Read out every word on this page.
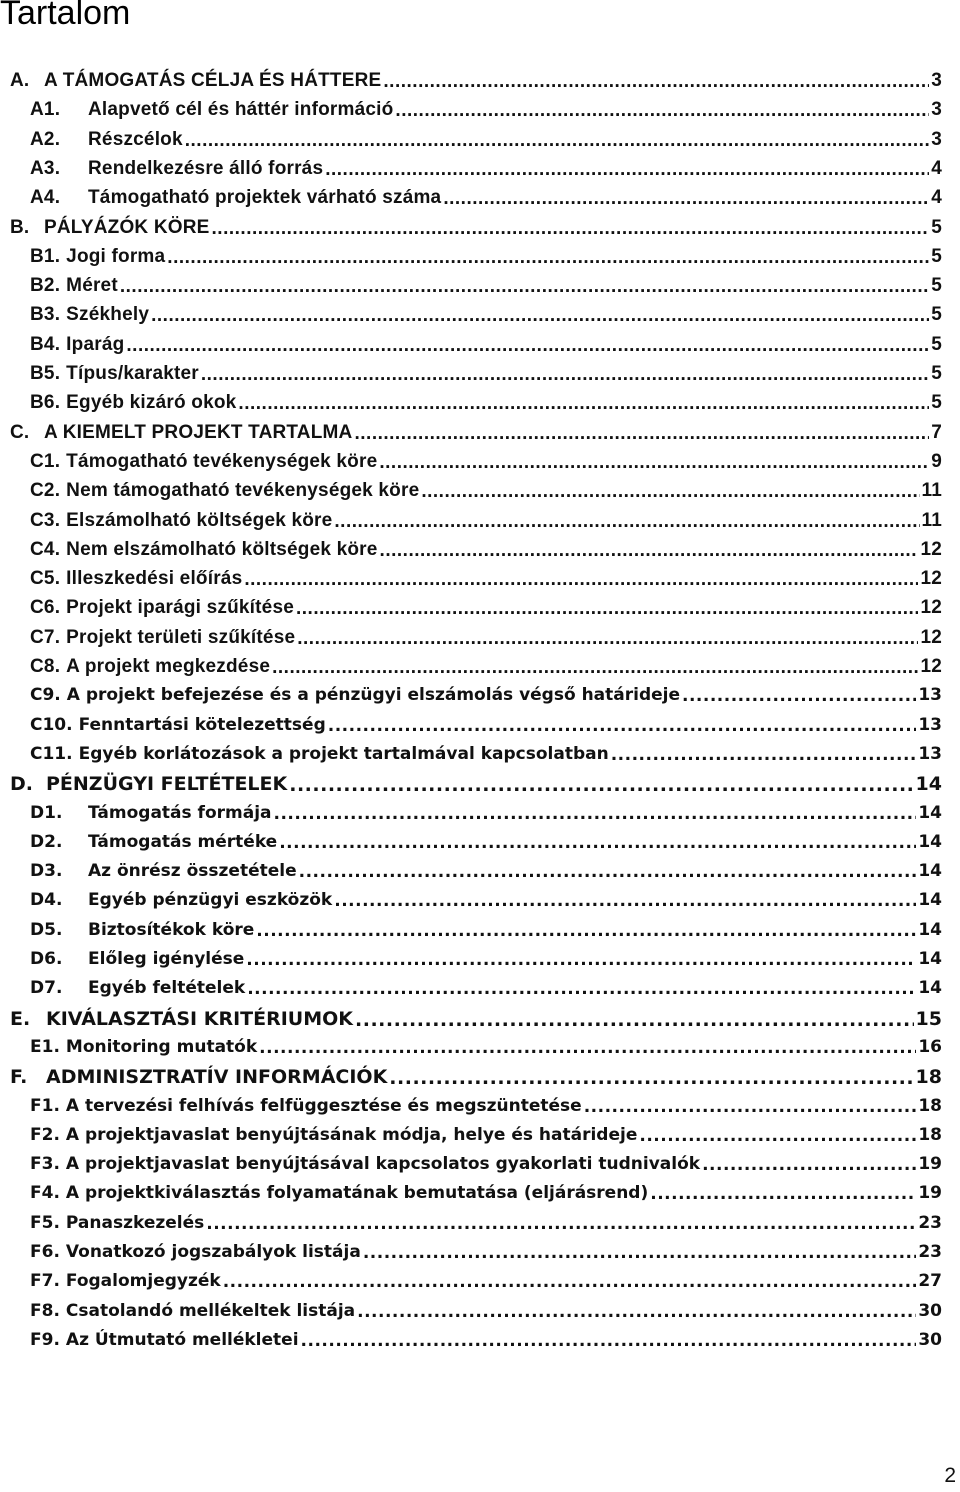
Tartalom
A. A TÁMOGATÁS CÉLJA ÉS HÁTTERE .....	3
A1.	Alapvető cél és háttér információ .....	3
A2.	Részcélok .....	3
A3.	Rendelkezésre álló forrás .....	4
A4.	Támogatható projektek várható száma .....	4
B. PÁLYÁZÓK KÖRE .....	5
B1. Jogi forma .....	5
B2. Méret .....	5
B3. Székhely .....	5
B4. Iparág .....	5
B5. Típus/karakter .....	5
B6. Egyéb kizáró okok .....	5
C. A KIEMELT PROJEKT TARTALMA .....	7
C1. Támogatható tevékenységek köre .....	9
C2. Nem támogatható tevékenységek köre .....	11
C3. Elszámolható költségek köre .....	11
C4. Nem elszámolható költségek köre .....	12
C5. Illeszkedési előírás .....	12
C6. Projekt iparági szűkítése .....	12
C7. Projekt területi szűkítése .....	12
C8. A projekt megkezdése .....	12
C9. A projekt befejezése és a pénzügyi elszámolás végső határideje .....	13
C10. Fenntartási kötelezettség .....	13
C11. Egyéb korlátozások a projekt tartalmával kapcsolatban .....	13
D. PÉNZÜGYI FELTÉTELEK .....	14
D1.	Támogatás formája .....	14
D2.	Támogatás mértéke .....	14
D3.	Az önrész összetétele .....	14
D4.	Egyéb pénzügyi eszközök .....	14
D5.	Biztosítékok köre .....	14
D6.	Előleg igénylése .....	14
D7.	Egyéb feltételek .....	14
E. KIVÁLASZTÁSI KRITÉRIUMOK .....	15
E1. Monitoring mutatók .....	16
F. ADMINISZTRATÍV INFORMÁCIÓK .....	18
F1. A tervezési felhívás felfüggesztése és megszüntetése .....	18
F2. A projektjavaslat benyújtásának módja, helye és határideje .....	18
F3. A projektjavaslat benyújtásával kapcsolatos gyakorlati tudnivalók .....	19
F4. A projektkiválasztás folyamatának bemutatása (eljárásrend) .....	19
F5. Panaszkezelés .....	23
F6. Vonatkozó jogszabályok listája .....	23
F7. Fogalomjegyzék .....	27
F8. Csatolandó mellékeltek listája .....	30
F9. Az Útmutató mellékletei .....	30
2
